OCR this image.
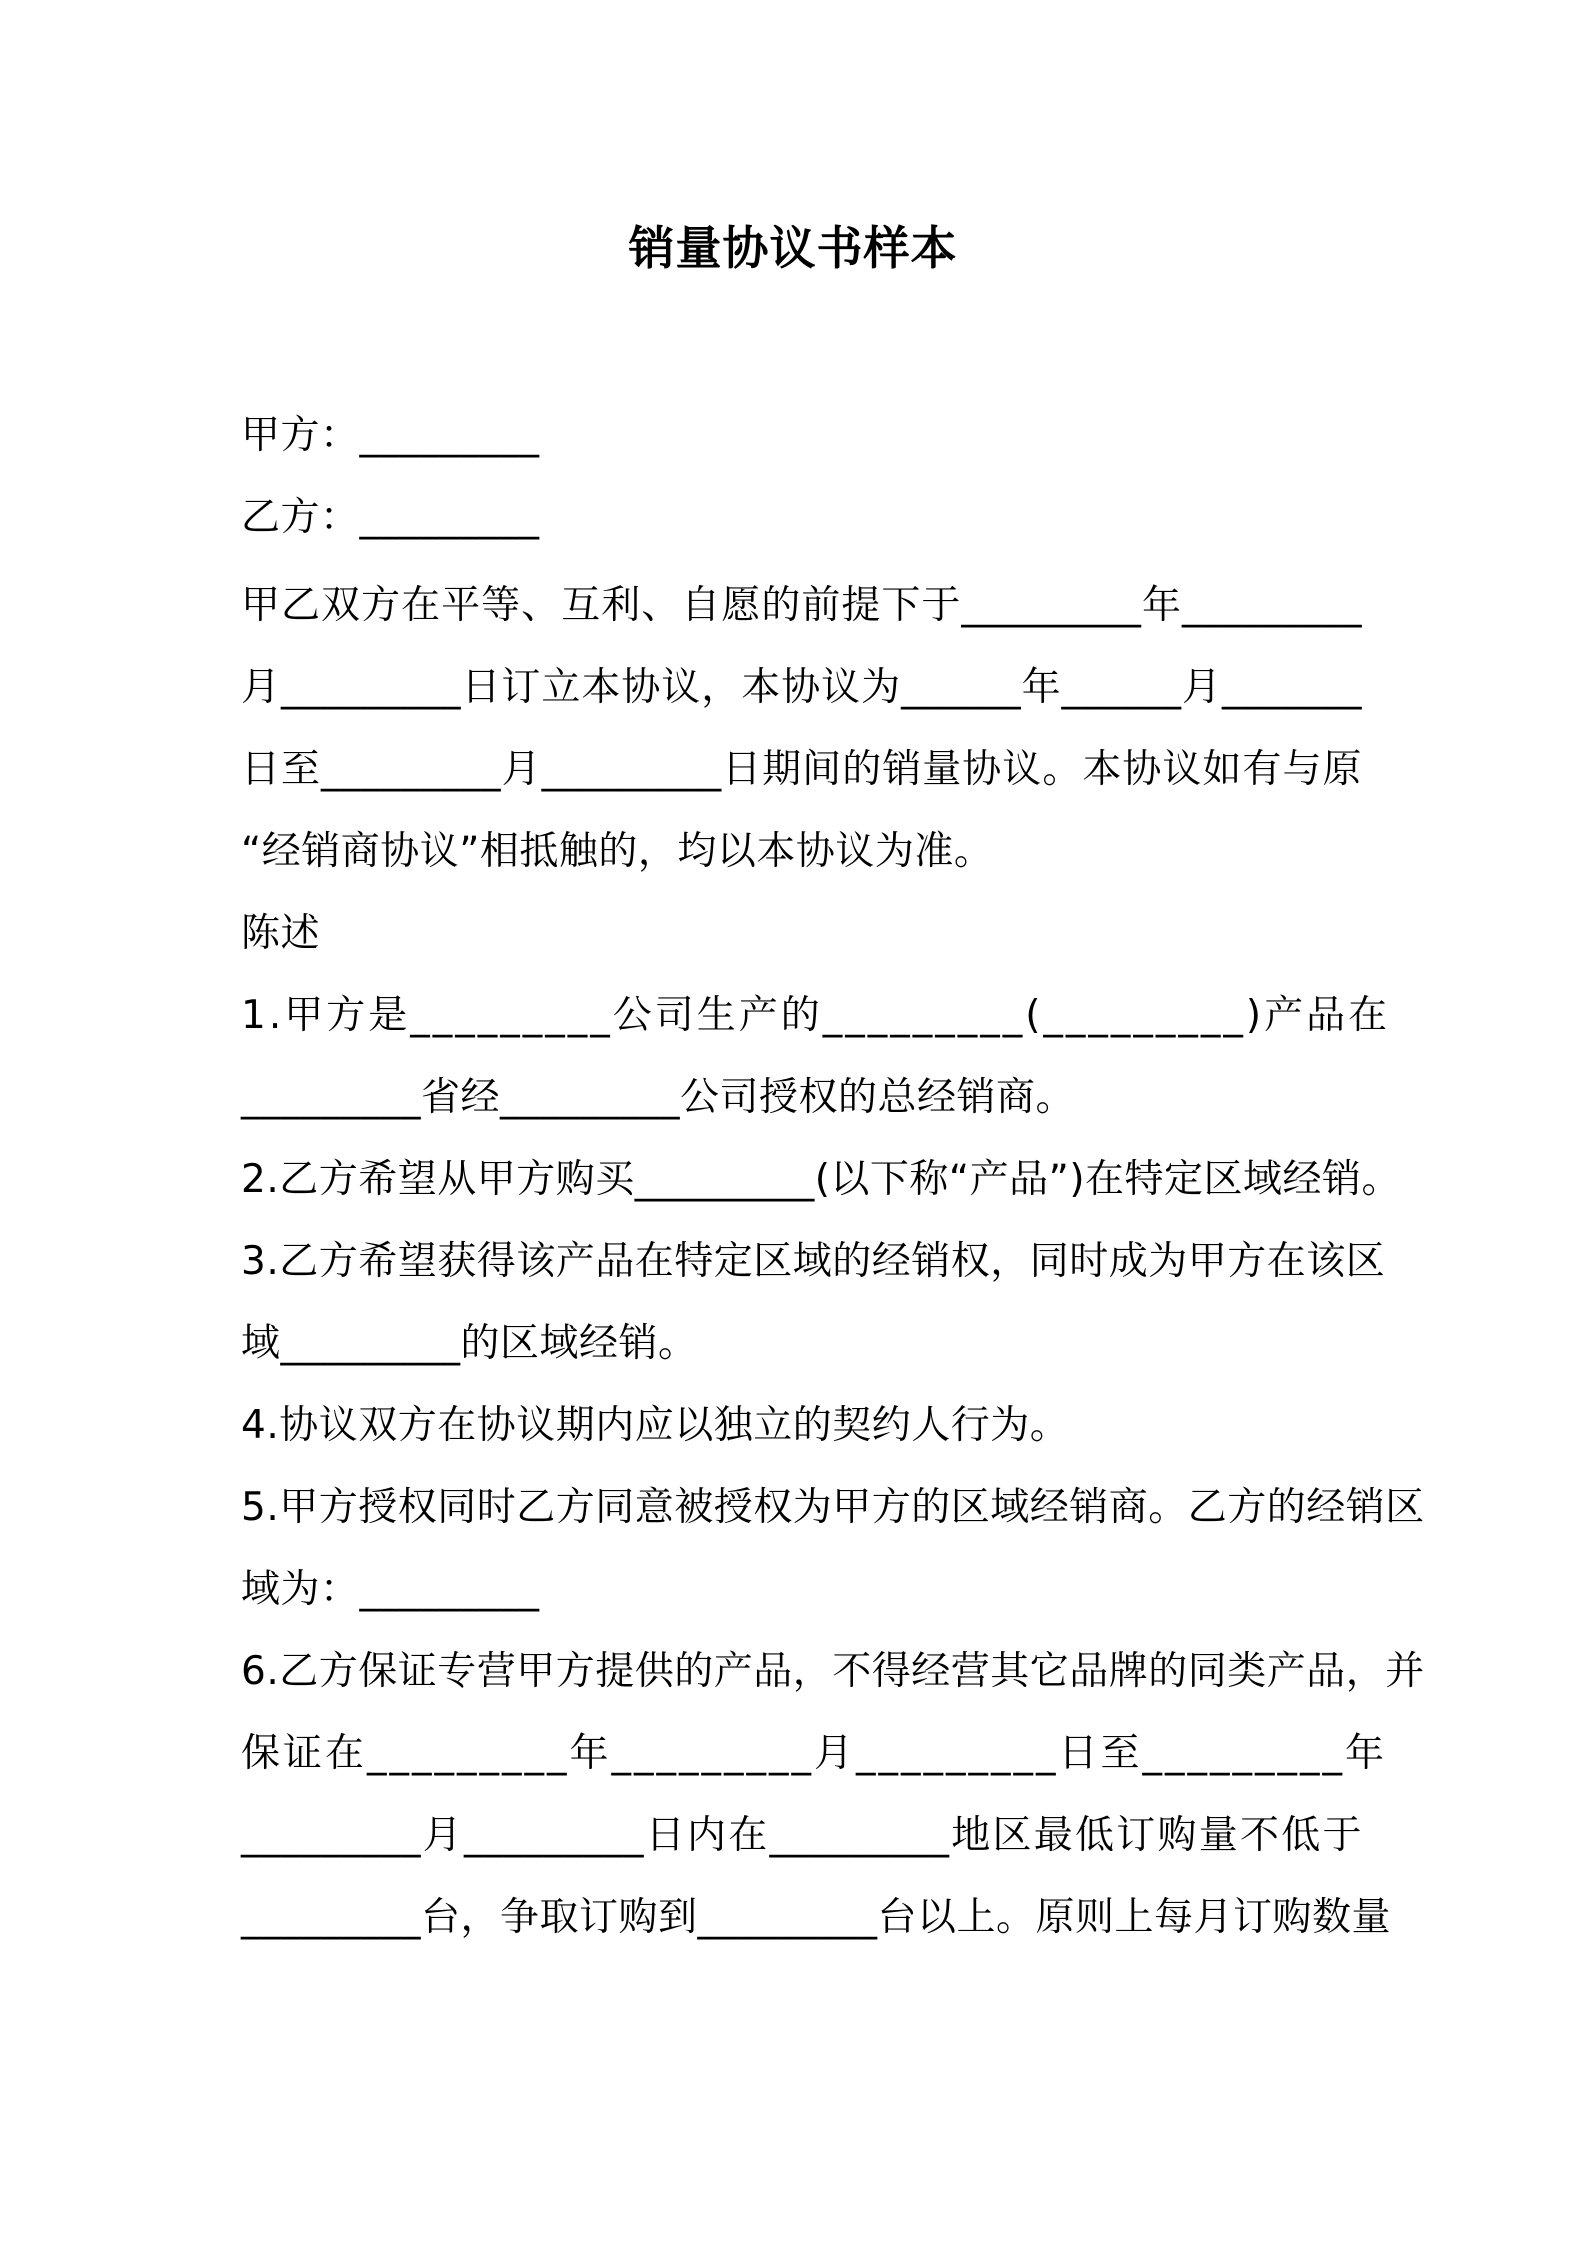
销量协议书样本
甲方：_________
乙方：_________
甲乙双方在平等、互利、自愿的前提下于_________年_________
月_________日订立本协议，本协议为______年______月_______
日至_________月_________日期间的销量协议。本协议如有与原
“经销商协议”相抵触的，均以本协议为准。
陈述
1.甲方是_________公司生产的_________(_________)产品在
_________省经_________公司授权的总经销商。
2.乙方希望从甲方购买_________(以下称“产品”)在特定区域经销。
3.乙方希望获得该产品在特定区域的经销权，同时成为甲方在该区
域_________的区域经销。
4.协议双方在协议期内应以独立的契约人行为。
5.甲方授权同时乙方同意被授权为甲方的区域经销商。乙方的经销区
域为：_________
6.乙方保证专营甲方提供的产品，不得经营其它品牌的同类产品，并
保证在_________年_________月_________日至_________年
_________月_________日内在_________地区最低订购量不低于
_________台，争取订购到_________台以上。原则上每月订购数量
